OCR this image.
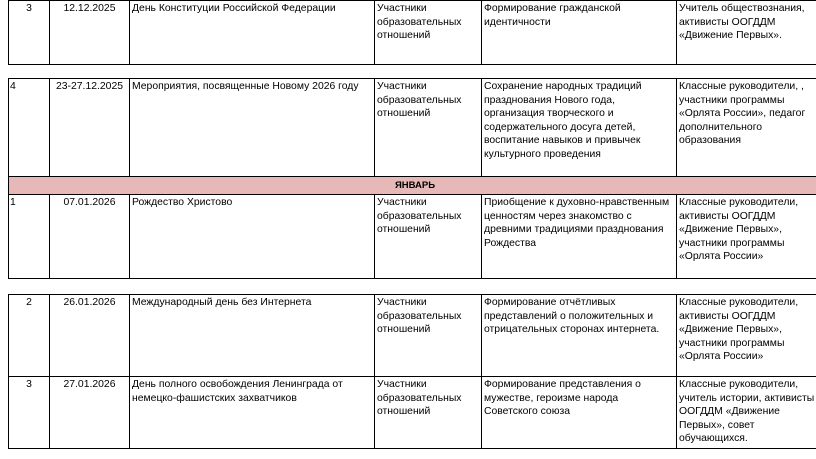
3	12.12.2025	День Конституции Российской Федерации	Участники образовательных отношений	Формирование гражданской идентичности	Учитель обществознания, активисты ООГДДМ «Движение Первых».
4	23-27.12.2025	Мероприятия, посвященные Новому 2026 году	Участники образовательных отношений	Сохранение народных традиций празднования Нового года, организация творческого и содержательного досуга детей, воспитание навыков и привычек культурного проведения	Классные руководители, , участники программы «Орлята России», педагог дополнительного образования
ЯНВАРЬ					
1	07.01.2026	Рождество Христово	Участники образовательных отношений	Приобщение к духовно-нравственным ценностям через знакомство с древними традициями празднования Рождества	Классные руководители, активисты ООГДДМ «Движение Первых», участники программы «Орлята России»
2	26.01.2026	Международный день без Интернета	Участники образовательных отношений	Формирование отчётливых представлений о положительных и отрицательных сторонах интернета.	Классные руководители, активисты ООГДДМ «Движение Первых», участники программы «Орлята России»
3	27.01.2026	День полного освобождения Ленинграда от немецко-фашистских захватчиков	Участники образовательных отношений	Формирование представления о мужестве, героизме народа Советского союза	Классные руководители, учитель истории, активисты ООГДДМ «Движение Первых», совет обучающихся.
